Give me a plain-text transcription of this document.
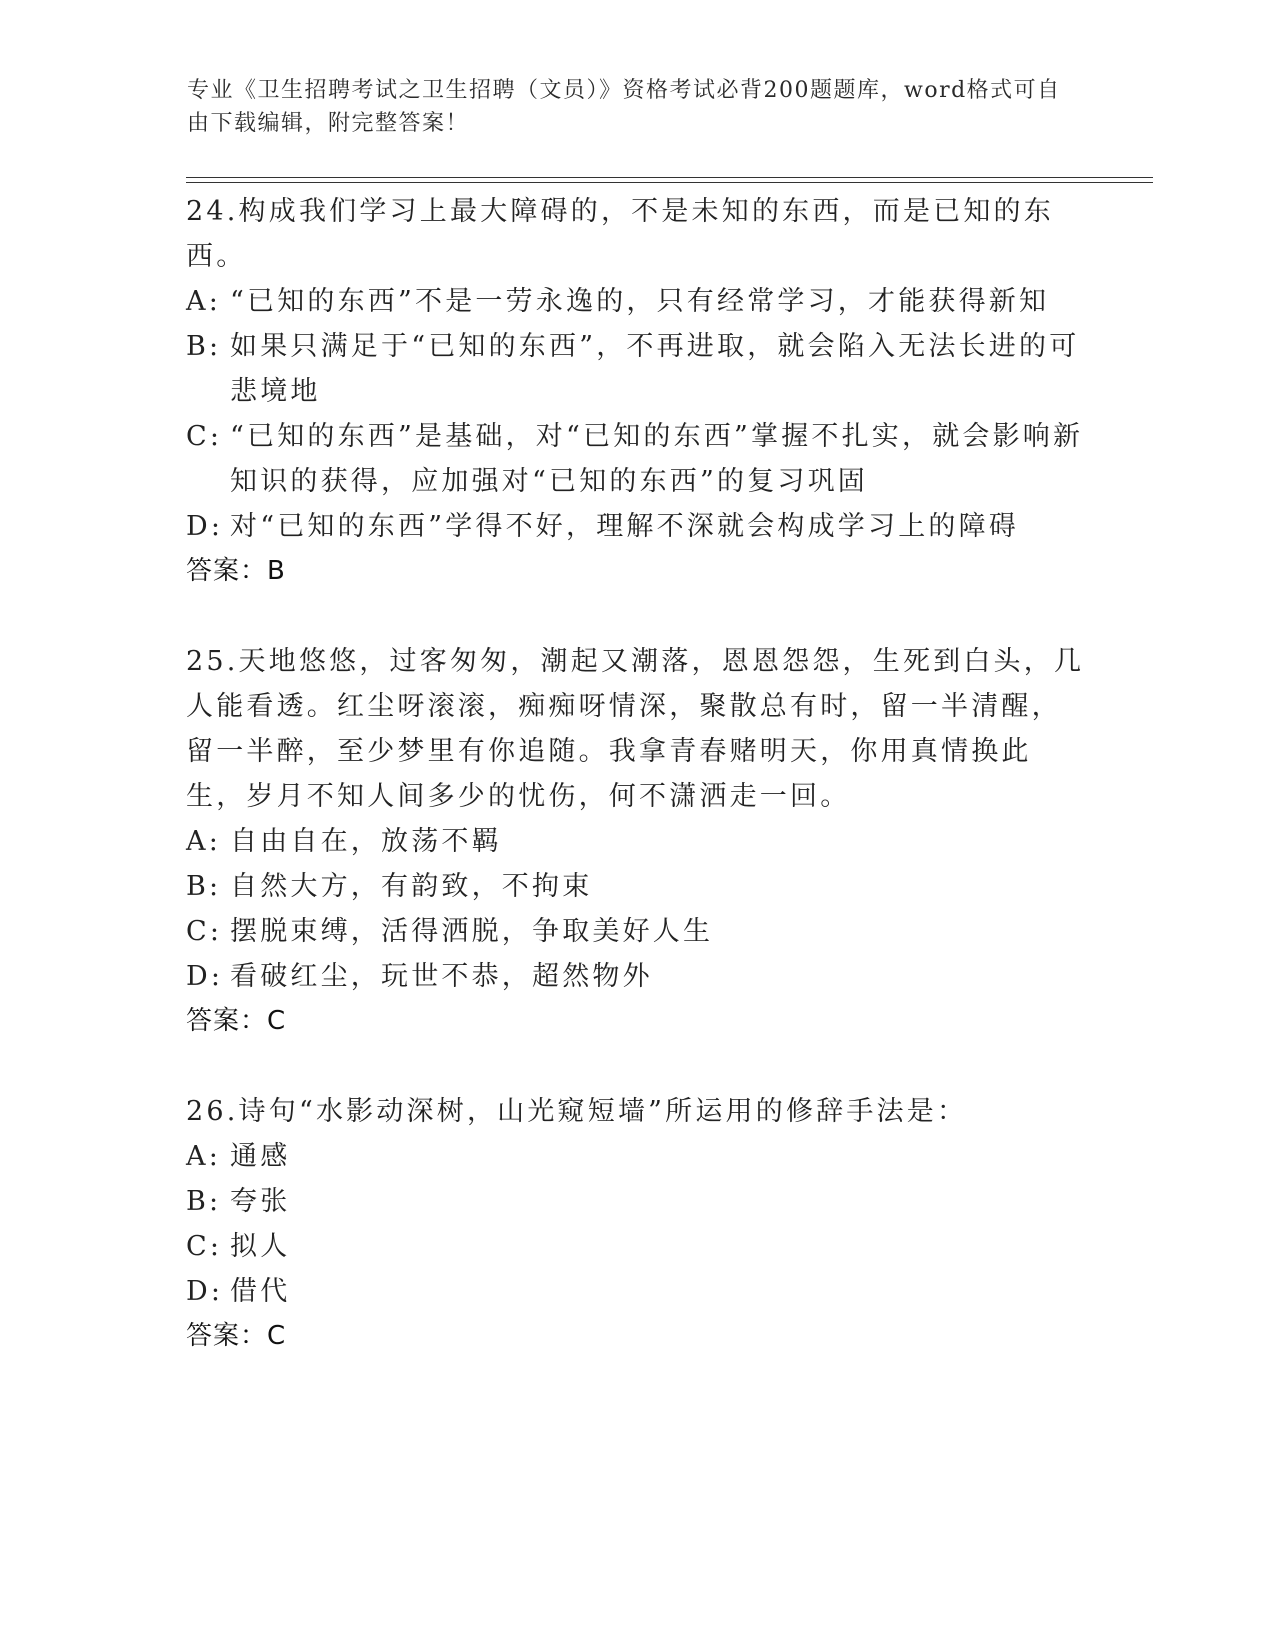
专业《卫生招聘考试之卫生招聘（文员）》资格考试必背200题题库，word格式可自由下载编辑，附完整答案！

24.构成我们学习上最大障碍的，不是未知的东西，而是已知的东西。

A: “已知的东西”不是一劳永逸的，只有经常学习，才能获得新知
B: 如果只满足于“已知的东西”，不再进取，就会陷入无法长进的可悲境地
C: “已知的东西”是基础，对“已知的东西”掌握不扎实，就会影响新知识的获得，应加强对“已知的东西”的复习巩固
D: 对“已知的东西”学得不好，理解不深就会构成学习上的障碍

答案：B

25.天地悠悠，过客匆匆，潮起又潮落，恩恩怨怨，生死到白头，几人能看透。红尘呀滚滚，痴痴呀情深，聚散总有时，留一半清醒，留一半醉，至少梦里有你追随。我拿青春赌明天，你用真情换此生，岁月不知人间多少的忧伤，何不潇洒走一回。

A: 自由自在，放荡不羁
B: 自然大方，有韵致，不拘束
C: 摆脱束缚，活得洒脱，争取美好人生
D: 看破红尘，玩世不恭，超然物外

答案：C

26.诗句“水影动深树，山光窥短墙”所运用的修辞手法是：

A: 通感
B: 夸张
C: 拟人
D: 借代

答案：C
